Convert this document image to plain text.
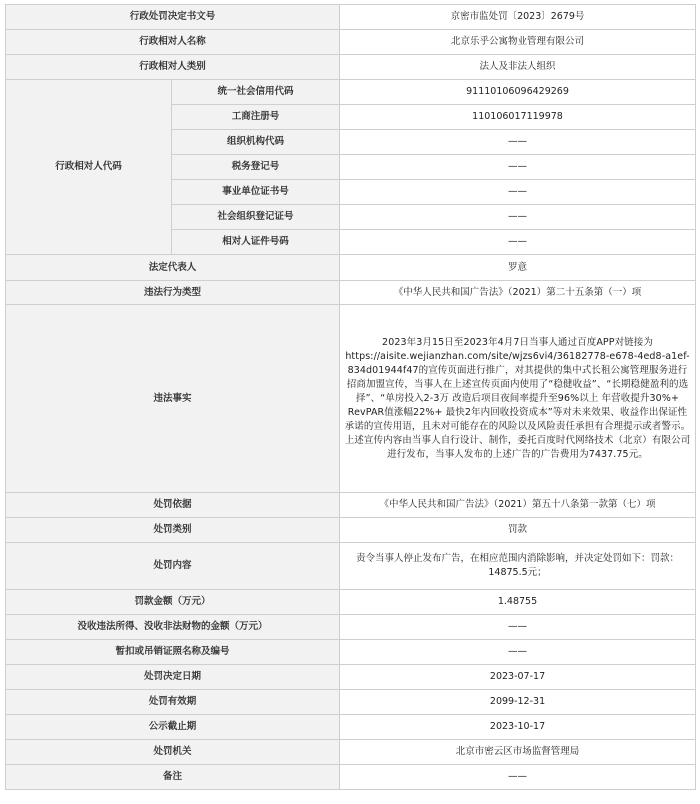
行政处罚决定书文号		京密市监处罚〔2023〕2679号
行政相对人名称		北京乐乎公寓物业管理有限公司
行政相对人类别		法人及非法人组织
行政相对人代码	统一社会信用代码	91110106096429269
	工商注册号	110106017119978
	组织机构代码	——
	税务登记号	——
	事业单位证书号	——
	社会组织登记证号	——
	相对人证件号码	——
法定代表人		罗意
违法行为类型		《中华人民共和国广告法》（2021）第二十五条第（一）项
违法事实		2023年3月15日至2023年4月7日当事人通过百度APP对链接为https://aisite.wejianzhan.com/site/wjzs6vi4/36182778-e678-4ed8-a1ef-834d01944f47的宣传页面进行推广，对其提供的集中式长租公寓管理服务进行招商加盟宣传，当事人在上述宣传页面内使用了“稳健收益”、“长期稳健盈利的选择”、“单房投入2-3万 改造后项目夜间率提升至96%以上 年营收提升30%+ RevPAR值涨幅22%+ 最快2年内回收投资成本”等对未来效果、收益作出保证性承诺的宣传用语，且未对可能存在的风险以及风险责任承担有合理提示或者警示。上述宣传内容由当事人自行设计、制作，委托百度时代网络技术（北京）有限公司进行发布，当事人发布的上述广告的广告费用为7437.75元。
处罚依据		《中华人民共和国广告法》（2021）第五十八条第一款第（七）项
处罚类别		罚款
处罚内容		责令当事人停止发布广告，在相应范围内消除影响，并决定处罚如下：罚款：14875.5元；
罚款金额（万元）		1.48755
没收违法所得、没收非法财物的金额（万元）		——
暂扣或吊销证照名称及编号		——
处罚决定日期		2023-07-17
处罚有效期		2099-12-31
公示截止期		2023-10-17
处罚机关		北京市密云区市场监督管理局
备注		——
